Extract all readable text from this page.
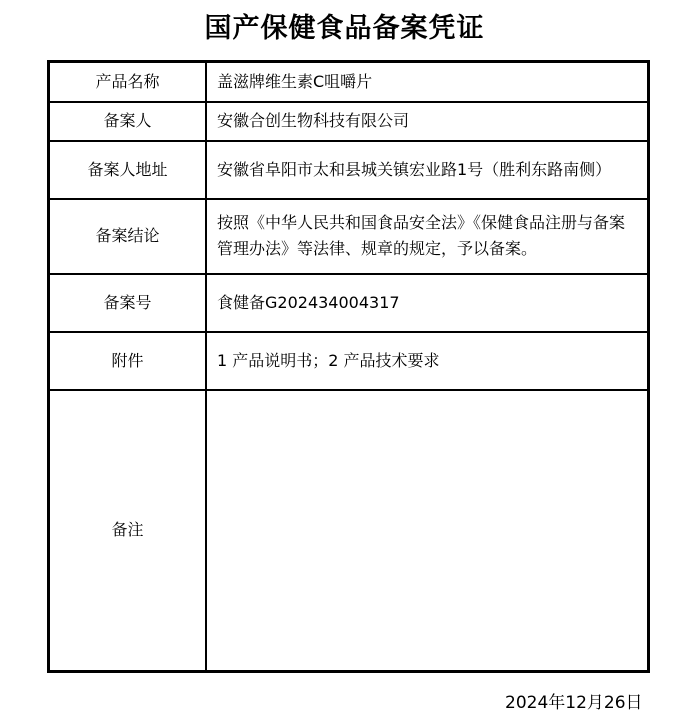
国产保健食品备案凭证
产品名称	盖滋牌维生素C咀嚼片
备案人	安徽合创生物科技有限公司
备案人地址	安徽省阜阳市太和县城关镇宏业路1号（胜利东路南侧）
备案结论	按照《中华人民共和国食品安全法》《保健食品注册与备案管理办法》等法律、规章的规定，予以备案。
备案号	食健备G202434004317
附件	1 产品说明书；2 产品技术要求
备注	
2024年12月26日
